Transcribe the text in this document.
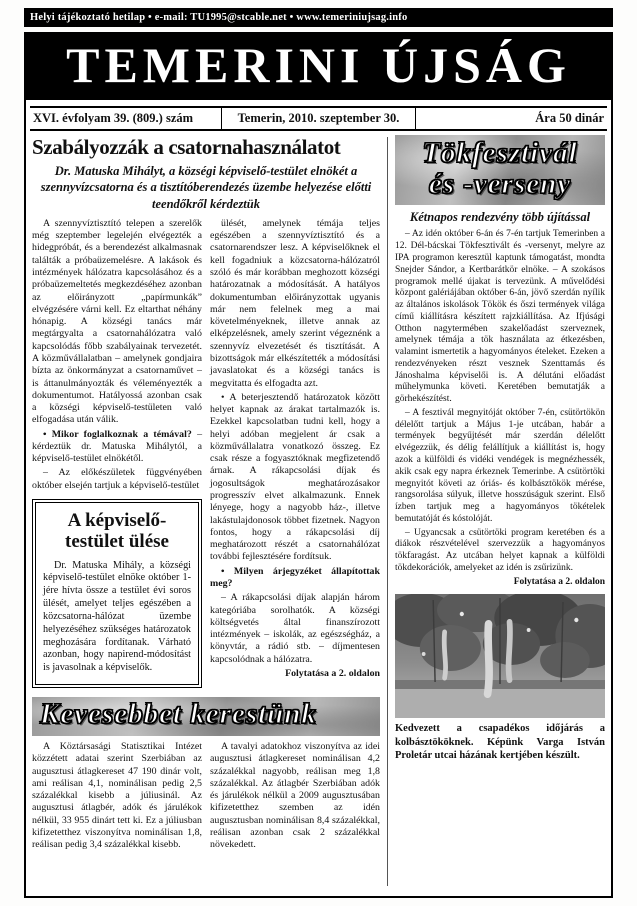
Helyi tájékoztató hetilap • e-mail: TU1995@stcable.net • www.temeriniujsag.info
TEMERINI ÚJSÁG
XVI. évfolyam 39. (809.) szám	Temerin, 2010. szeptember 30.	Ára 50 dinár
Szabályozzák a csatornahasználatot
Dr. Matuska Mihályt, a községi képviselő-testület elnökét a szennyvízcsatorna és a tisztítóberendezés üzembe helyezése előtti teendőkről kérdeztük

A szennyvíztisztító telepen a szerelők még szeptember legelején elvégezték a hidegpróbát, és a berendezést alkalmasnak találták a próbaüzemelésre. A lakások és intézmények hálózatra kapcsolásához és a próbaüzemeltetés megkezdéséhez azonban az előirányzott „papírmunkák” elvégzésére várni kell. Ez eltarthat néhány hónapig. A községi tanács már megtárgyalta a csatornahálózatra való kapcsolódás főbb szabályainak tervezetét. A közművállalatban – amelynek gondjaira bízta az önkormányzat a csatornaművet – is áttanulmányozták és véleményezték a dokumentumot. Hatályossá azonban csak a községi képviselő-testületen való elfogadása után válik.

• Mikor foglalkoznak a témával? – kérdeztük dr. Matuska Mihálytól, a képviselő-testület elnökétől.

– Az előkészületek függvényében október elsején tartjuk a képviselő-testület

A képviselő-testület ülése

Dr. Matuska Mihály, a községi képviselő-testület elnöke október 1-jére hívta össze a testület évi soros ülését, amelyet teljes egészében a közcsatorna-hálózat üzembe helyezéséhez szükséges határozatok meghozására fordítanak. Várható azonban, hogy napirend-módosítást is javasolnak a képviselők.

ülését, amelynek témája teljes egészében a szennyvíztisztító és a csatornarendszer lesz. A képviselőknek el kell fogadniuk a közcsatorna-hálózatról szóló és már korábban meghozott községi határozatnak a módosítását. A hatályos dokumentumban előirányzottak ugyanis már nem felelnek meg a mai követelményeknek, illetve annak az elképzelésnek, amely szerint végeznénk a szennyvíz elvezetését és tisztítását. A bizottságok már elkészítették a módosítási javaslatokat és a községi tanács is megvitatta és elfogadta azt.

• A beterjesztendő határozatok között helyet kapnak az árakat tartalmazók is. Ezekkel kapcsolatban tudni kell, hogy a helyi adóban megjelent ár csak a közművállalatra vonatkozó összeg. Ez csak része a fogyasztóknak megfizetendő árnak. A rákapcsolási díjak és jogosultságok meghatározásakor progresszív elvet alkalmazunk. Ennek lényege, hogy a nagyobb ház-, illetve lakástulajdonosok többet fizetnek. Nagyon fontos, hogy a rákapcsolási díj meghatározott részét a csatornahálózat további fejlesztésére fordítsuk.

• Milyen árjegyzéket állapítottak meg?

– A rákapcsolási díjak alapján három kategóriába sorolhatók. A községi költségvetés által finanszírozott intézmények – iskolák, az egészségház, a könyvtár, a rádió stb. – díjmentesen kapcsolódnak a hálózatra.

Folytatása a 2. oldalon

Kevesebbet kerestünk

A Köztársasági Statisztikai Intézet közzétett adatai szerint Szerbiában az augusztusi átlagkereset 47 190 dinár volt, ami reálisan 4,1, nominálisan pedig 2,5 százalékkal kisebb a júliusinál. Az augusztusi átlagbér, adók és járulékok nélkül, 33 955 dinárt tett ki. Ez a júliusban kifizetetthez viszonyítva nominálisan 1,8, reálisan pedig 3,4 százalékkal kisebb.

A tavalyi adatokhoz viszonyítva az idei augusztusi átlagkereset nominálisan 4,2 százalékkal nagyobb, reálisan meg 1,8 százalékkal. Az átlagbér Szerbiában adók és járulékok nélkül a 2009 augusztusában kifizetetthez szemben az idén augusztusban nominálisan 8,4 százalékkal, reálisan azonban csak 2 százalékkal növekedett.

Tökfesztivál
és -verseny
Kétnapos rendezvény több újítással

– Az idén október 6-án és 7-én tartjuk Temerinben a 12. Dél-bácskai Tökfesztivált és -versenyt, melyre az IPA programon keresztül kaptunk támogatást, mondta Snejder Sándor, a Kertbarátkör elnöke. – A szokásos programok mellé újakat is tervezünk. A művelődési központ galériájában október 6-án, jövő szerdán nyílik az általános iskolások Tökök és őszi termények világa című kiállításra készített rajzkiállítása. Az Ifjúsági Otthon nagytermében szakelőadást szerveznek, amelynek témája a tök használata az étkezésben, valamint ismertetik a hagyományos ételeket. Ezeken a rendezvényeken részt vesznek Szenttamás és Jánoshalma képviselői is. A délutáni előadást műhelymunka követi. Keretében bemutatják a görhekészítést.

– A fesztivál megnyitóját október 7-én, csütörtökön délelőtt tartjuk a Május 1-je utcában, habár a termények begyűjtését már szerdán délelőtt elvégezzük, és délig felállítjuk a kiállítást is, hogy azok a külföldi és vidéki vendégek is megnézhessék, akik csak egy napra érkeznek Temerinbe. A csütörtöki megnyitót követi az óriás- és kolbásztökök mérése, rangsorolása súlyuk, illetve hosszúságuk szerint. Első ízben tartjuk meg a hagyományos tökételek bemutatóját és kóstolóját.

– Ugyancsak a csütörtöki program keretében és a diákok részvételével szervezzük a hagyományos tökfaragást. Az utcában helyet kapnak a külföldi tökdekorációk, amelyeket az idén is zsűrizünk.

Folytatása a 2. oldalon

Kedvezett a csapadékos időjárás a kolbásztököknek. Képünk Varga István Proletár utcai házának kertjében készült.
